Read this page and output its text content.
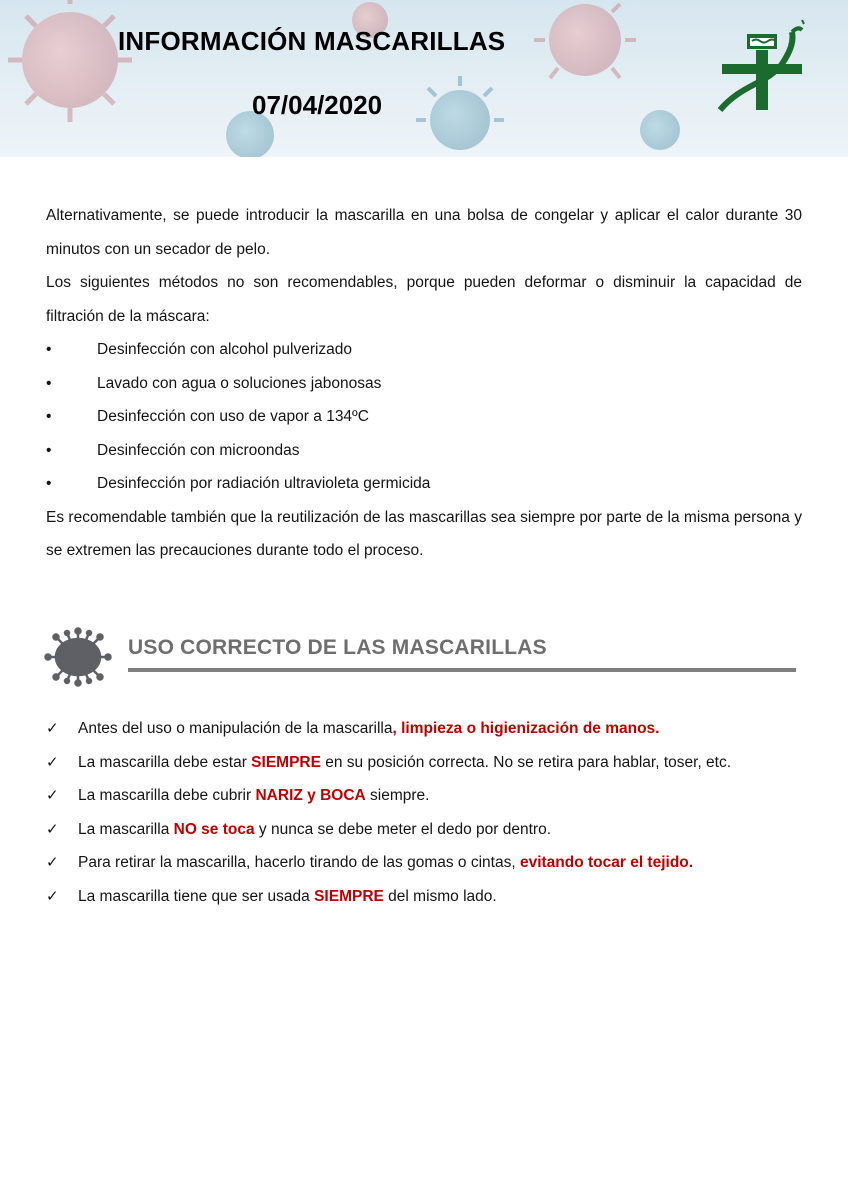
INFORMACIÓN MASCARILLAS
07/04/2020

Alternativamente, se puede introducir la mascarilla en una bolsa de congelar y aplicar el calor durante 30 minutos con un secador de pelo.

Los siguientes métodos no son recomendables, porque pueden deformar o disminuir la capacidad de filtración de la máscara:

•	Desinfección con alcohol pulverizado
•	Lavado con agua o soluciones jabonosas
•	Desinfección con uso de vapor a 134ºC
•	Desinfección con microondas
•	Desinfección por radiación ultravioleta germicida

Es recomendable también que la reutilización de las mascarillas sea siempre por parte de la misma persona y se extremen las precauciones durante todo el proceso.

USO CORRECTO DE LAS MASCARILLAS
✓ Antes del uso o manipulación de la mascarilla, limpieza o higienización de manos.
✓ La mascarilla debe estar SIEMPRE en su posición correcta. No se retira para hablar, toser, etc.
✓ La mascarilla debe cubrir NARIZ y BOCA siempre.
✓ La mascarilla NO se toca y nunca se debe meter el dedo por dentro.
✓ Para retirar la mascarilla, hacerlo tirando de las gomas o cintas, evitando tocar el tejido.
✓ La mascarilla tiene que ser usada SIEMPRE del mismo lado.
